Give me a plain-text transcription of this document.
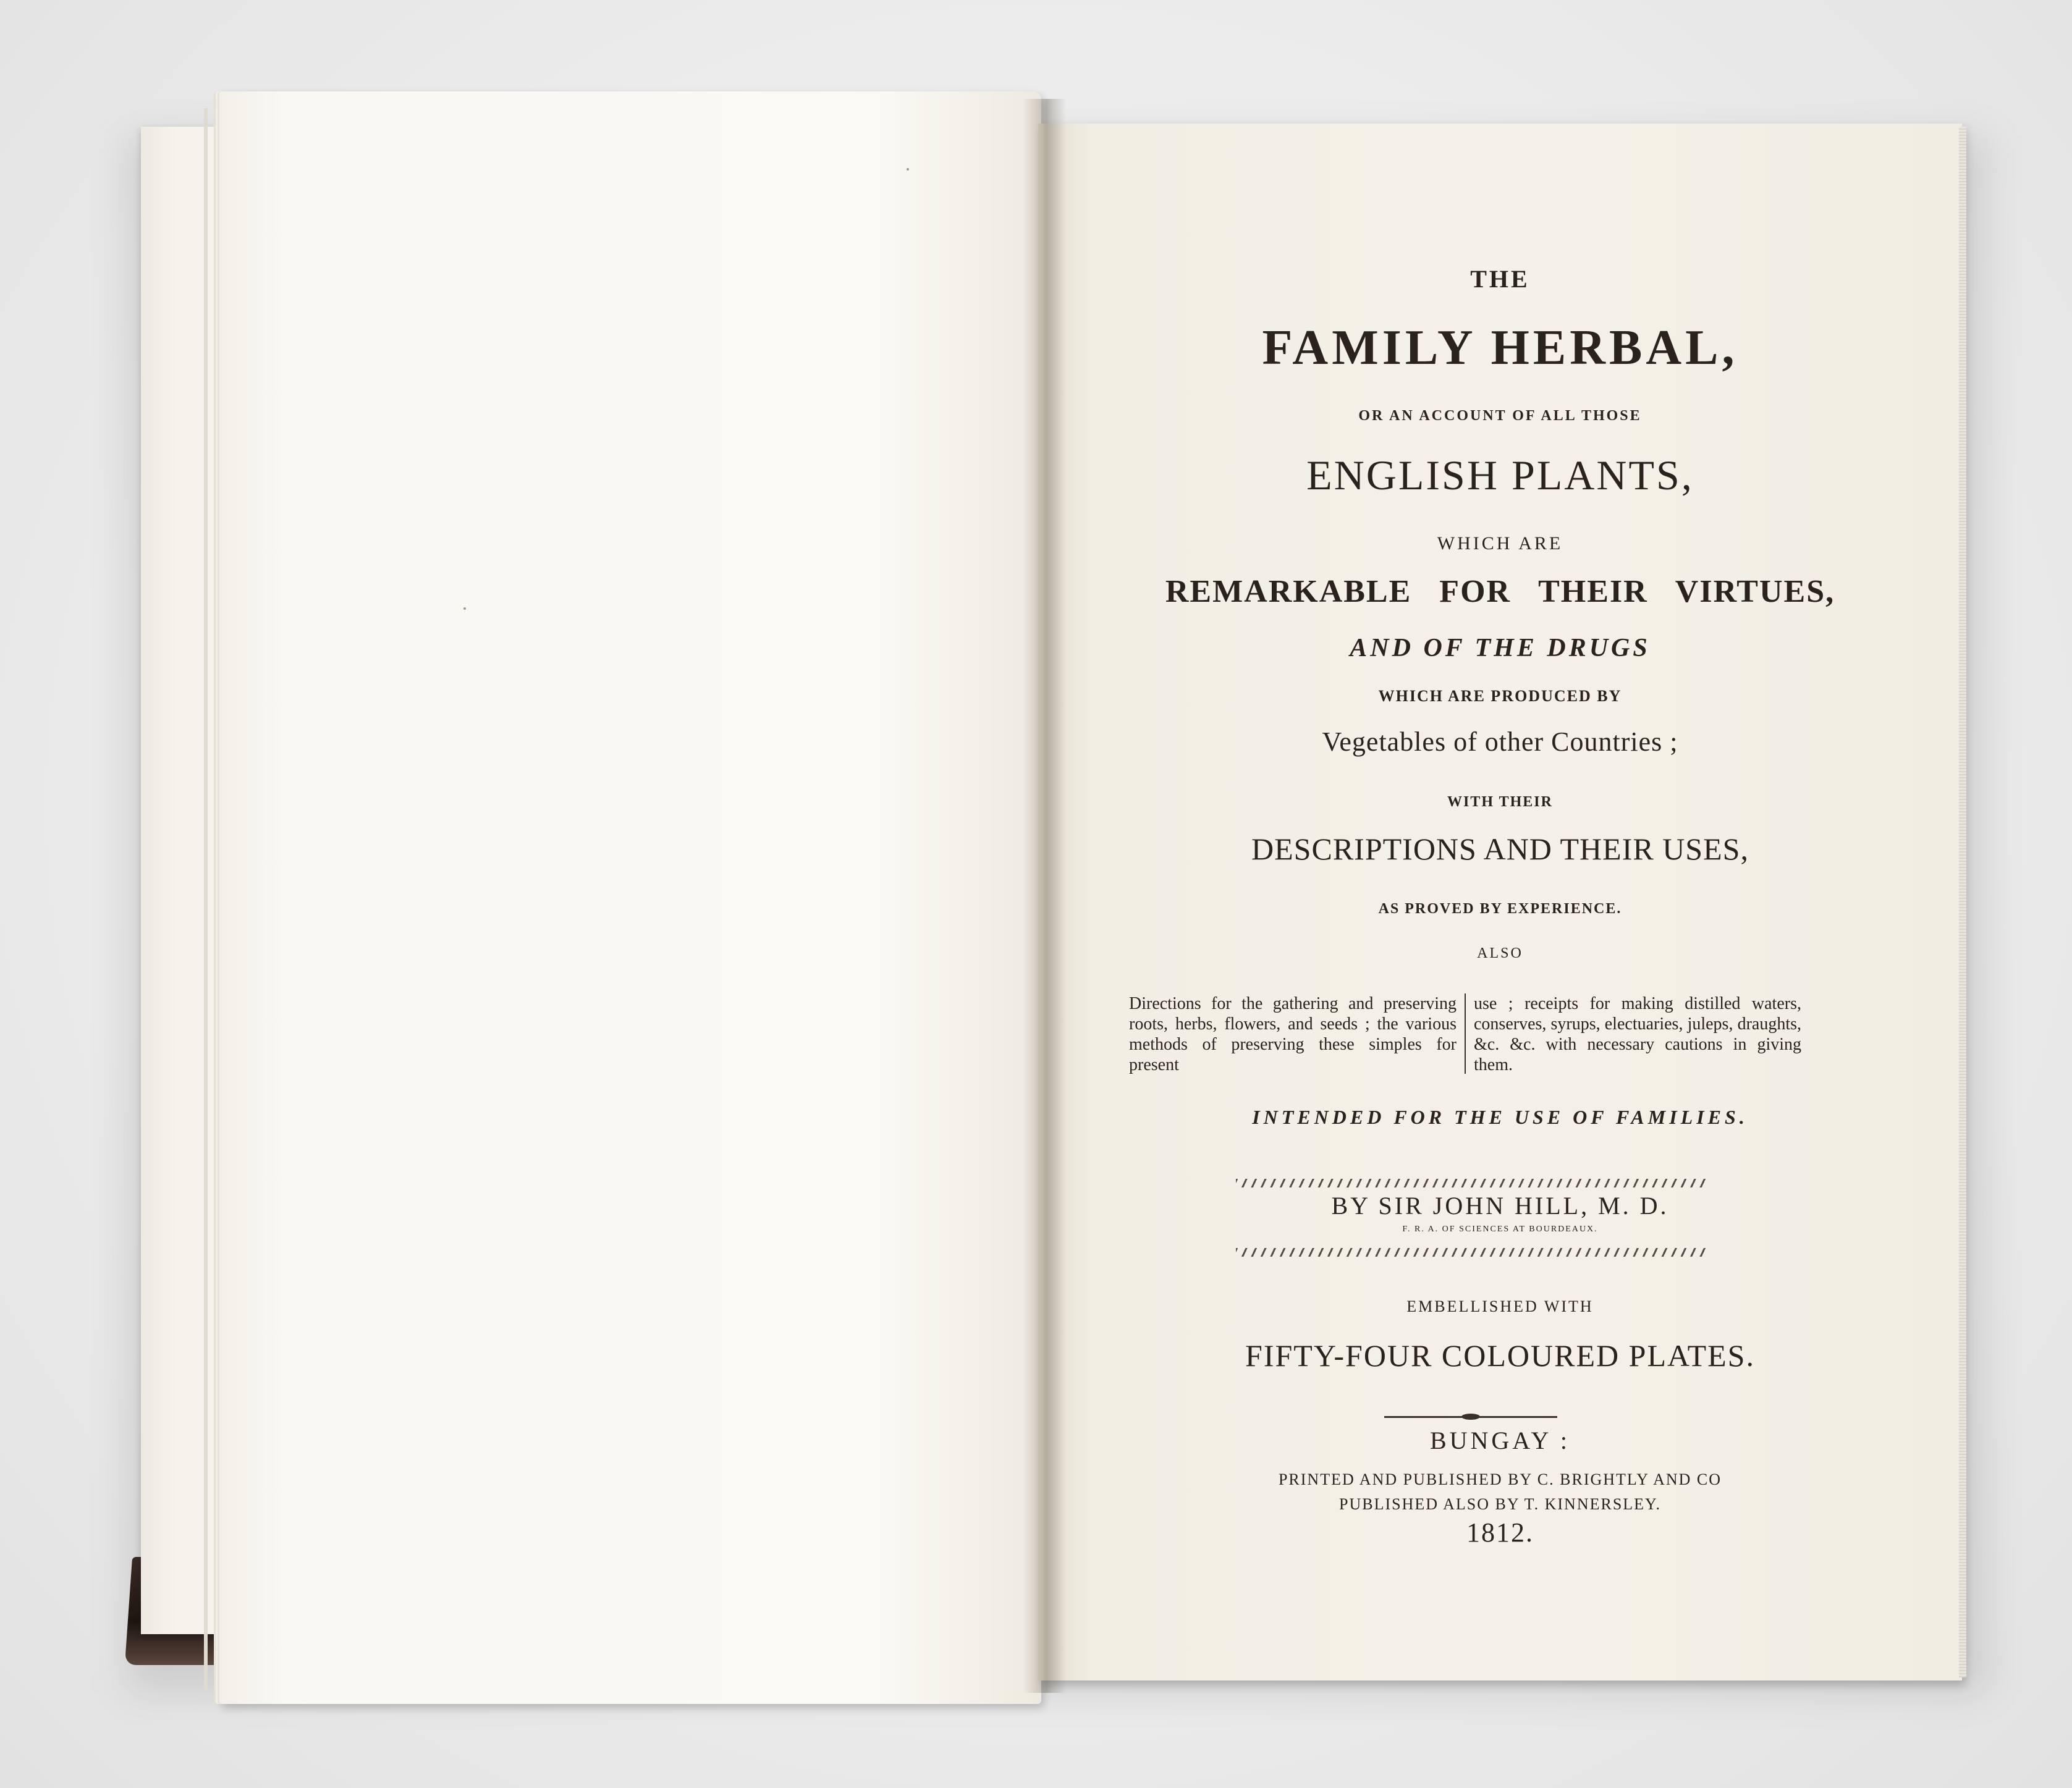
THE
FAMILY HERBAL,
OR AN ACCOUNT OF ALL THOSE
ENGLISH PLANTS,
WHICH ARE
REMARKABLE FOR THEIR VIRTUES,
AND OF THE DRUGS
WHICH ARE PRODUCED BY
Vegetables of other Countries ;
WITH THEIR
DESCRIPTIONS AND THEIR USES,
AS PROVED BY EXPERIENCE.
ALSO
Directions for the gathering and preserving roots, herbs, flowers, and seeds ; the various methods of preserving these simples for present
use ; receipts for making distilled waters, conserves, syrups, electuaries, juleps, draughts, &c. &c. with necessary cautions in giving them.
INTENDED FOR THE USE OF FAMILIES.
BY SIR JOHN HILL, M. D.
F. R. A. OF SCIENCES AT BOURDEAUX.
EMBELLISHED WITH
FIFTY-FOUR COLOURED PLATES.
BUNGAY :
PRINTED AND PUBLISHED BY C. BRIGHTLY AND CO
PUBLISHED ALSO BY T. KINNERSLEY.
1812.
